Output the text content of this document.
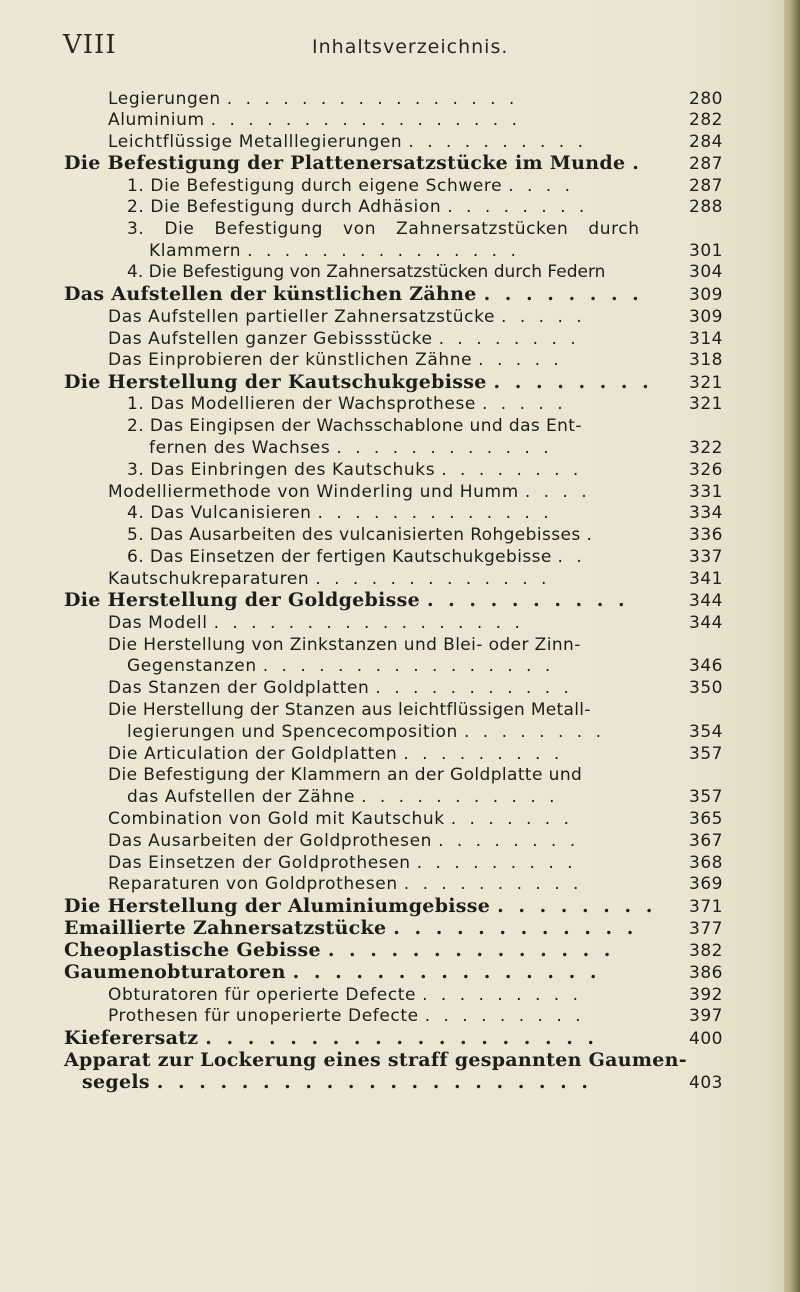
VIII	Inhaltsverzeichnis.
Legierungen . . . . . . . . . . . . . . . .	280
Aluminium . . . . . . . . . . . . . . . . .	282
Leichtflüssige Metalllegierungen . . . . . . . . . .	284
Die Befestigung der Plattenersatzstücke im Munde .	287
1. Die Befestigung durch eigene Schwere . . . .	287
2. Die Befestigung durch Adhäsion . . . . . . . .	288
3. Die Befestigung von Zahnersatzstücken durch
Klammern . . . . . . . . . . . . . . .	301
4. Die Befestigung von Zahnersatzstücken durch Federn	304
Das Aufstellen der künstlichen Zähne . . . . . . . .	309
Das Aufstellen partieller Zahnersatzstücke . . . . .	309
Das Aufstellen ganzer Gebissstücke . . . . . . . .	314
Das Einprobieren der künstlichen Zähne . . . . .	318
Die Herstellung der Kautschukgebisse . . . . . . . .	321
1. Das Modellieren der Wachsprothese . . . . .	321
2. Das Eingipsen der Wachsschablone und das Ent-
fernen des Wachses . . . . . . . . . . . .	322
3. Das Einbringen des Kautschuks . . . . . . . .	326
Modelliermethode von Winderling und Humm . . . .	331
4. Das Vulcanisieren . . . . . . . . . . . . .	334
5. Das Ausarbeiten des vulcanisierten Rohgebisses .	336
6. Das Einsetzen der fertigen Kautschukgebisse . .	337
Kautschukreparaturen . . . . . . . . . . . . .	341
Die Herstellung der Goldgebisse . . . . . . . . . .	344
Das Modell . . . . . . . . . . . . . . . . .	344
Die Herstellung von Zinkstanzen und Blei- oder Zinn-
Gegenstanzen . . . . . . . . . . . . . . . .	346
Das Stanzen der Goldplatten . . . . . . . . . . .	350
Die Herstellung der Stanzen aus leichtflüssigen Metall-
legierungen und Spencecomposition . . . . . . . .	354
Die Articulation der Goldplatten . . . . . . . . .	357
Die Befestigung der Klammern an der Goldplatte und
das Aufstellen der Zähne . . . . . . . . . . .	357
Combination von Gold mit Kautschuk . . . . . . .	365
Das Ausarbeiten der Goldprothesen . . . . . . . .	367
Das Einsetzen der Goldprothesen . . . . . . . . .	368
Reparaturen von Goldprothesen . . . . . . . . . .	369
Die Herstellung der Aluminiumgebisse . . . . . . . .	371
Emaillierte Zahnersatzstücke . . . . . . . . . . . .	377
Cheoplastische Gebisse . . . . . . . . . . . . . .	382
Gaumenobturatoren . . . . . . . . . . . . . . .	386
Obturatoren für operierte Defecte . . . . . . . . .	392
Prothesen für unoperierte Defecte . . . . . . . . .	397
Kieferersatz . . . . . . . . . . . . . . . . . . .	400
Apparat zur Lockerung eines straff gespannten Gaumen-
segels . . . . . . . . . . . . . . . . . . . . .	403
